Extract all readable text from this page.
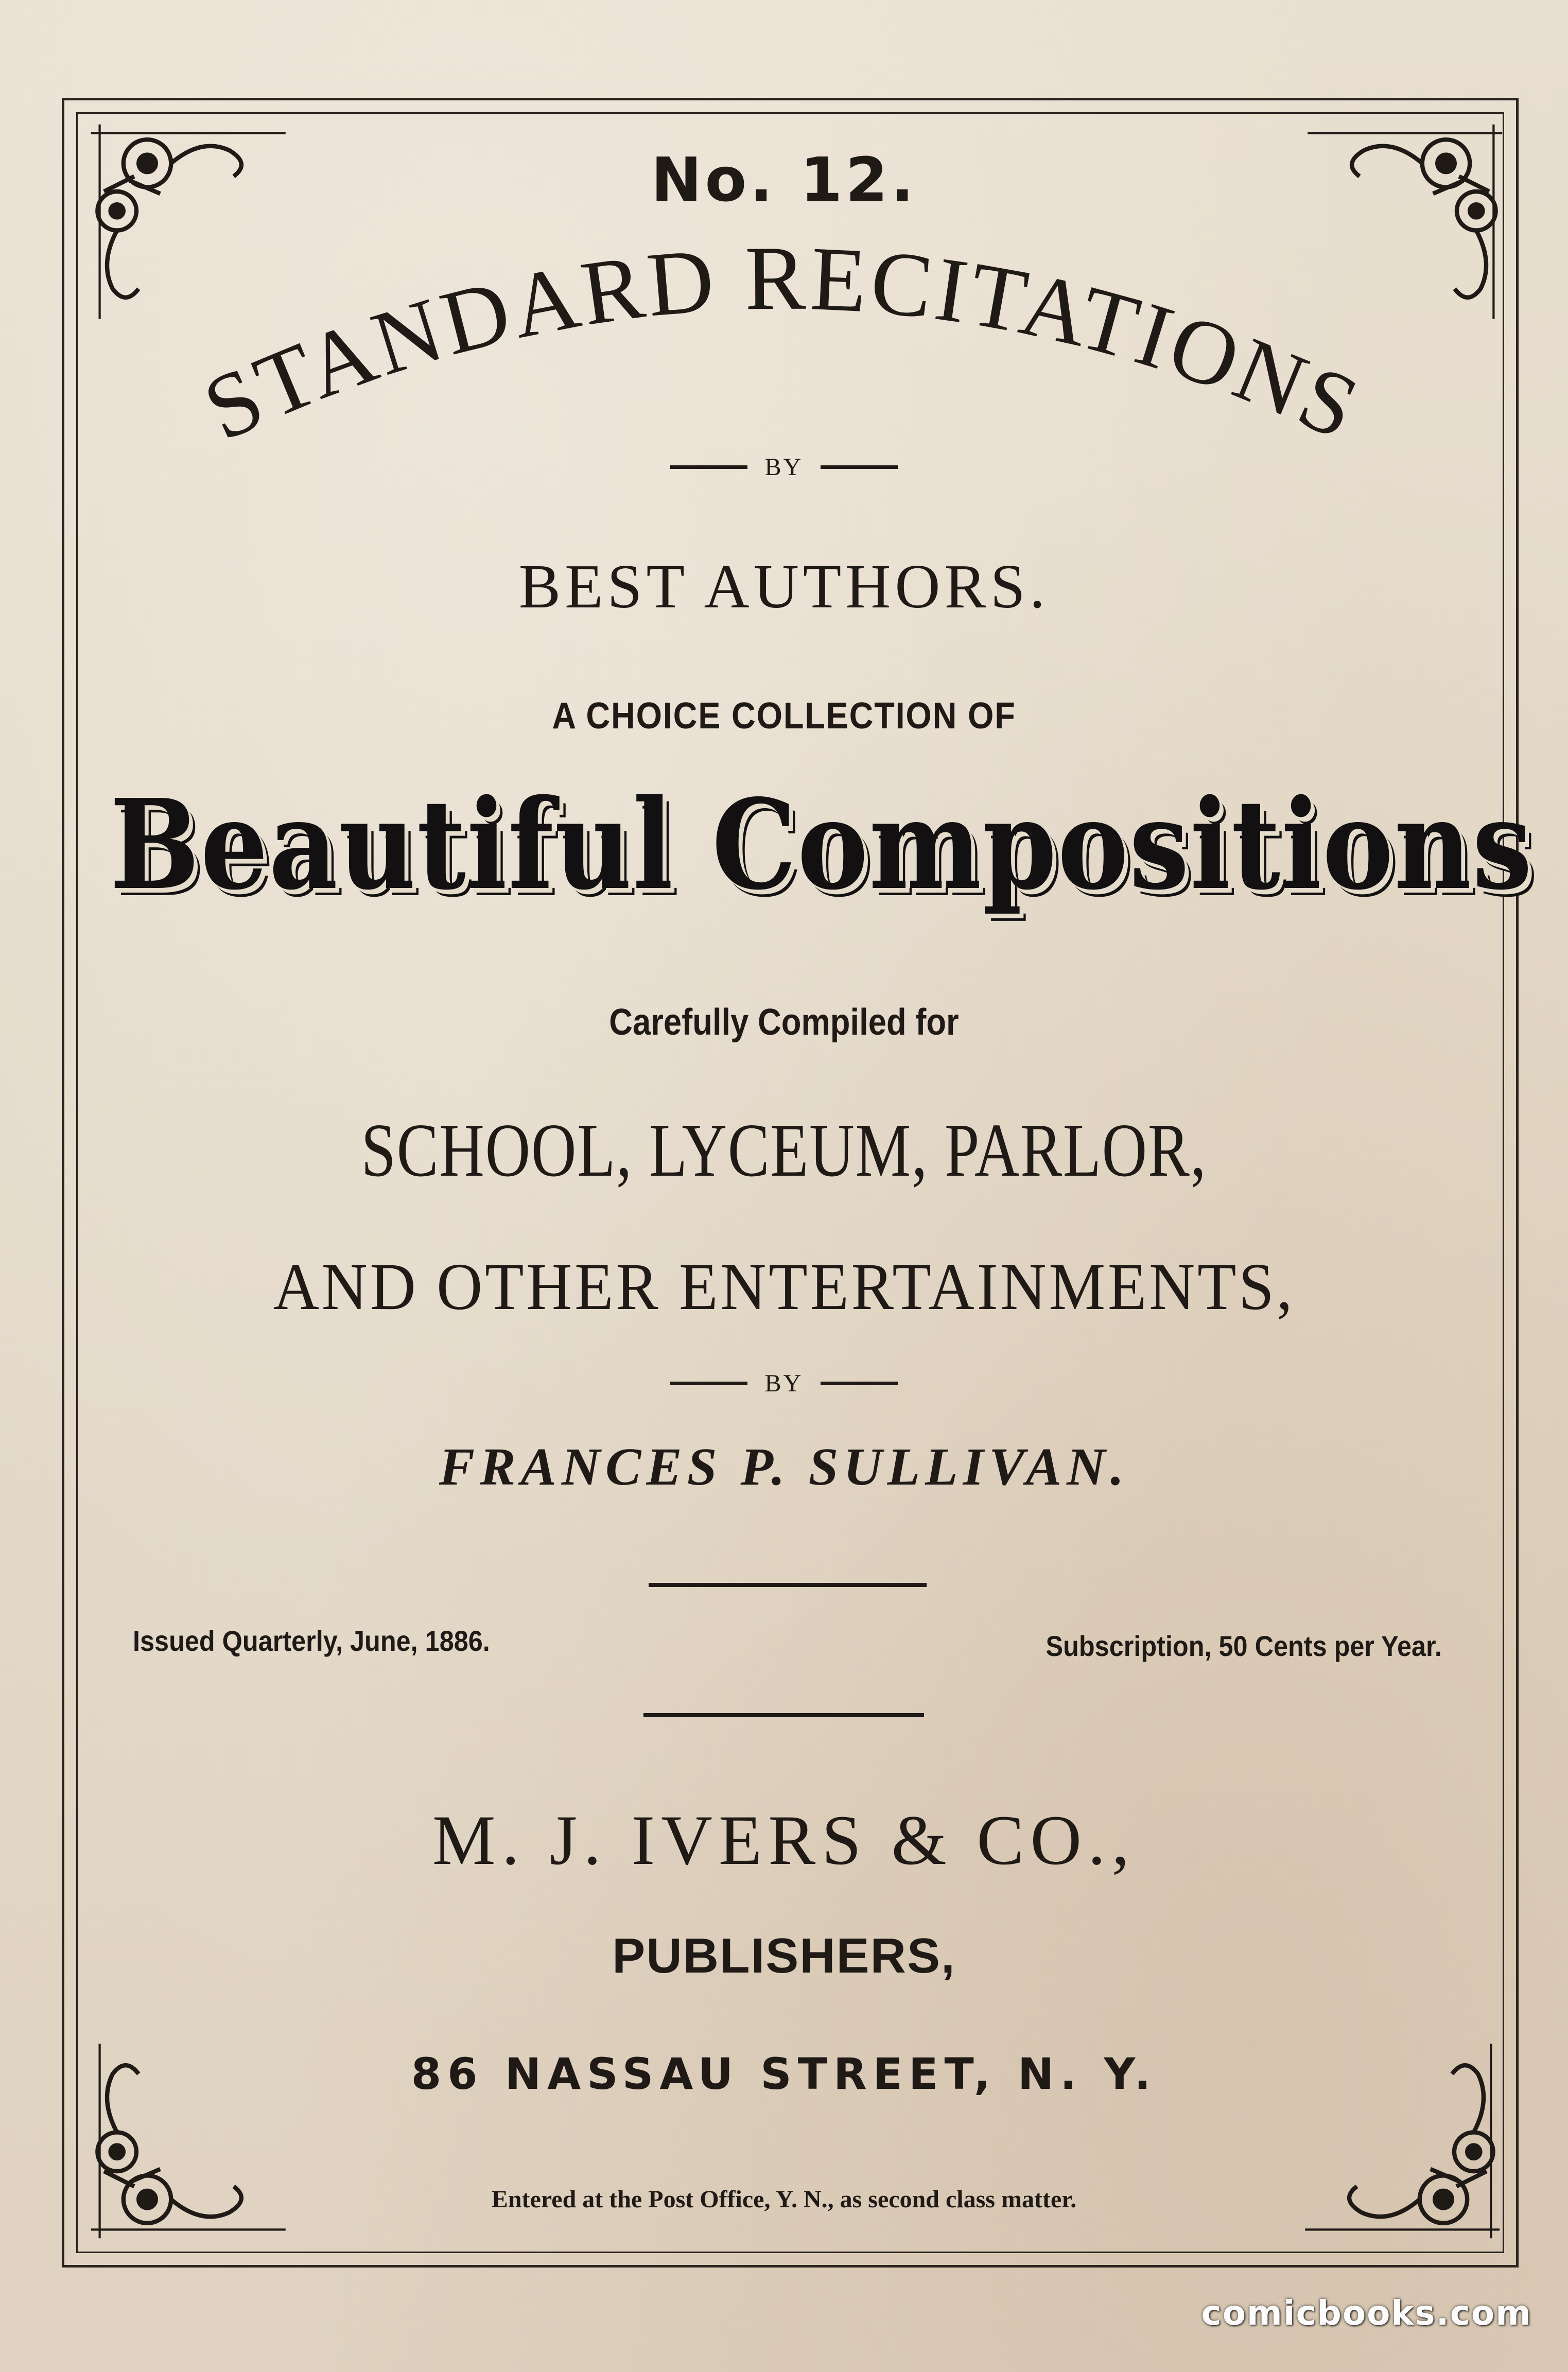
No. 12.
STANDARD RECITATIONS
BY
BEST AUTHORS.
A CHOICE COLLECTION OF
Beautiful Compositions
Carefully Compiled for
SCHOOL, LYCEUM, PARLOR,
AND OTHER ENTERTAINMENTS,
BY
FRANCES P. SULLIVAN.
Issued Quarterly, June, 1886.	Subscription, 50 Cents per Year.
M. J. IVERS & CO.,
PUBLISHERS,
86 NASSAU STREET, N. Y.
Entered at the Post Office, Y. N., as second class matter.
comicbooks.com
